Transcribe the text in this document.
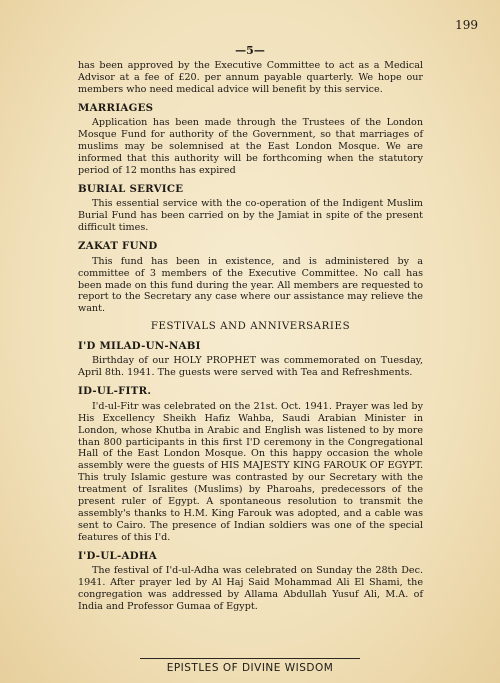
199
—5—

has been approved by the Executive Committee to act as a Medical Advisor at a fee of £20. per annum payable quarterly. We hope our members who need medical advice will benefit by this service.

MARRIAGES

Application has been made through the Trustees of the London Mosque Fund for authority of the Government, so that marriages of muslims may be solemnised at the East London Mosque. We are informed that this authority will be forthcoming when the statutory period of 12 months has expired

BURIAL SERVICE

This essential service with the co-operation of the Indigent Muslim Burial Fund has been carried on by the Jamiat in spite of the present difficult times.

ZAKAT FUND

This fund has been in existence, and is administered by a committee of 3 members of the Executive Committee. No call has been made on this fund during the year. All members are requested to report to the Secretary any case where our assistance may relieve the want.

FESTIVALS AND ANNIVERSARIES
I'D MILAD-UN-NABI

Birthday of our HOLY PROPHET was commemorated on Tuesday, April 8th. 1941. The guests were served with Tea and Refreshments.

ID-UL-FITR.

I'd-ul-Fitr was celebrated on the 21st. Oct. 1941. Prayer was led by His Excellency Sheikh Hafiz Wahba, Saudi Arabian Minister in London, whose Khutba in Arabic and English was listened to by more than 800 participants in this first I'D ceremony in the Congregational Hall of the East London Mosque. On this happy occasion the whole assembly were the guests of HIS MAJESTY KING FAROUK OF EGYPT. This truly Islamic gesture was contrasted by our Secretary with the treatment of Isralites (Muslims) by Pharoahs, predecessors of the present ruler of Egypt. A spontaneous resolution to transmit the assembly's thanks to H.M. King Farouk was adopted, and a cable was sent to Cairo. The presence of Indian soldiers was one of the special features of this I'd.

I'D-UL-ADHA

The festival of I'd-ul-Adha was celebrated on Sunday the 28th Dec. 1941. After prayer led by Al Haj Said Mohammad Ali El Shami, the congregation was addressed by Allama Abdullah Yusuf Ali, M.A. of India and Professor Gumaa of Egypt.

EPISTLES OF DIVINE WISDOM
